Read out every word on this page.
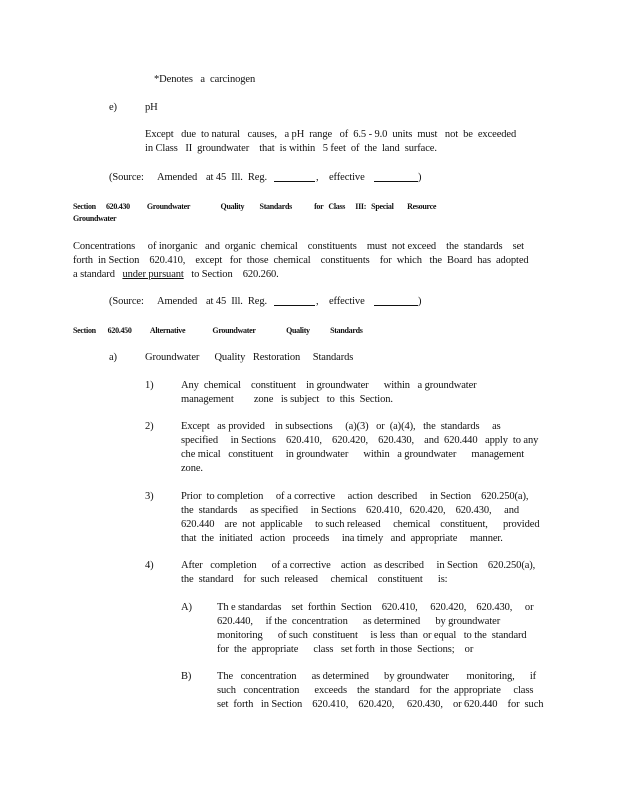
*Denotes   a  carcinogen
e)	pH
Except   due  to natural   causes,   a pH  range   of  6.5 - 9.0  units  must   not  be  exceeded
in Class   II  groundwater    that  is within   5 feet  of  the  land  surface.
(Source: Amended at 45  Ill.  Reg.	, effective	)
Section      620.430          Groundwater                  Quality         Standards             for   Class      III:   Special        Resource
Groundwater
Concentrations     of inorganic   and  organic  chemical    constituents    must  not exceed    the  standards    set
forth  in Section    620.410,    except   for  those  chemical    constituents    for  which   the  Board  has  adopted
a standard   under pursuant   to Section    620.260.
(Source: Amended at 45  Ill.  Reg.	, effective	)
Section       620.450           Alternative                Groundwater                  Quality            Standards
a)	Groundwater      Quality   Restoration     Standards
1)	Any  chemical    constituent    in groundwater      within   a groundwater
management        zone   is subject   to  this  Section.
2)	Except   as provided    in subsections     (a)(3)   or  (a)(4),   the  standards     as
specified     in Sections    620.410,    620.420,    620.430,    and  620.440   apply  to any
che mical   constituent     in groundwater      within   a groundwater      management
zone.
3)	Prior  to completion     of a corrective     action  described     in Section    620.250(a),
the  standards     as specified     in Sections    620.410,   620.420,    620.430,     and
620.440    are  not  applicable     to such released     chemical    constituent,      provided
that  the  initiated   action   proceeds     ina timely   and  appropriate     manner.
4)	After   completion      of a corrective    action   as described     in Section    620.250(a),
the  standard    for  such  released     chemical    constituent      is:
A) Th e standardas    set  forthin  Section    620.410,     620.420,    620.430,     or
620.440,     if the  concentration      as determined      by groundwater
monitoring      of such  constituent     is less  than  or equal   to the  standard
for  the  appropriate      class   set forth  in those  Sections;    or
B) The   concentration      as determined      by groundwater       monitoring,      if
such   concentration      exceeds    the  standard    for  the  appropriate     class
set  forth   in Section    620.410,    620.420,     620.430,    or 620.440    for  such
